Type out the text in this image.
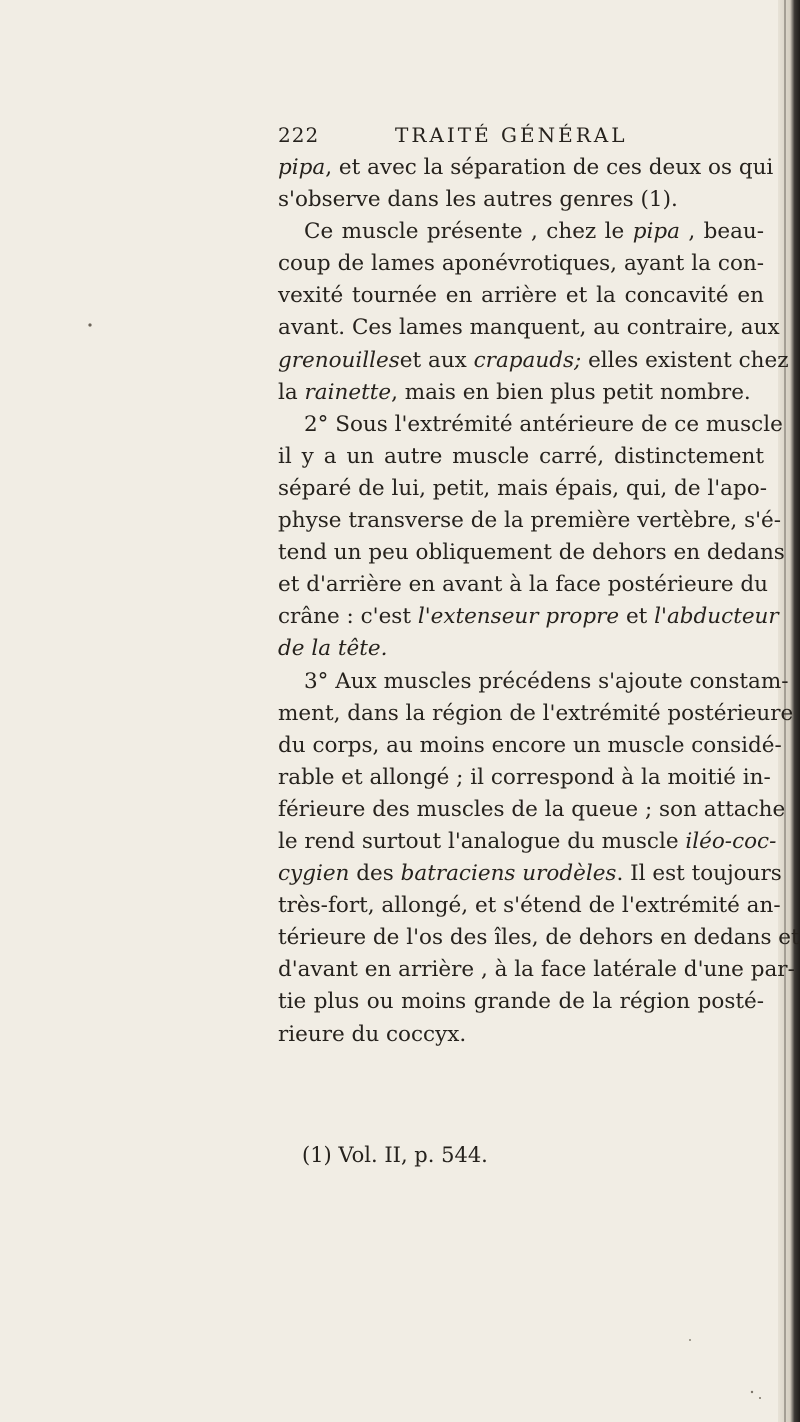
222	TRAITÉ GÉNÉRAL
pipa, et avec la séparation de ces deux os qui
s'observe dans les autres genres (1).
Ce muscle présente , chez le pipa , beau-
coup de lames aponévrotiques, ayant la con-
vexité tournée en arrière et la concavité en
avant. Ces lames manquent, au contraire, aux
grenouilleset aux crapauds; elles existent chez
la rainette, mais en bien plus petit nombre.
2° Sous l'extrémité antérieure de ce muscle
il y a un autre muscle carré, distinctement
séparé de lui, petit, mais épais, qui, de l'apo-
physe transverse de la première vertèbre, s'é-
tend un peu obliquement de dehors en dedans
et d'arrière en avant à la face postérieure du
crâne : c'est l'extenseur propre et l'abducteur
de la tête.
3° Aux muscles précédens s'ajoute constam-
ment, dans la région de l'extrémité postérieure
du corps, au moins encore un muscle considé-
rable et allongé ; il correspond à la moitié in-
férieure des muscles de la queue ; son attache
le rend surtout l'analogue du muscle iléo-coc-
cygien des batraciens urodèles. Il est toujours
très-fort, allongé, et s'étend de l'extrémité an-
térieure de l'os des îles, de dehors en dedans et
d'avant en arrière , à la face latérale d'une par-
tie plus ou moins grande de la région posté-
rieure du coccyx.
(1) Vol. II, p. 544.
